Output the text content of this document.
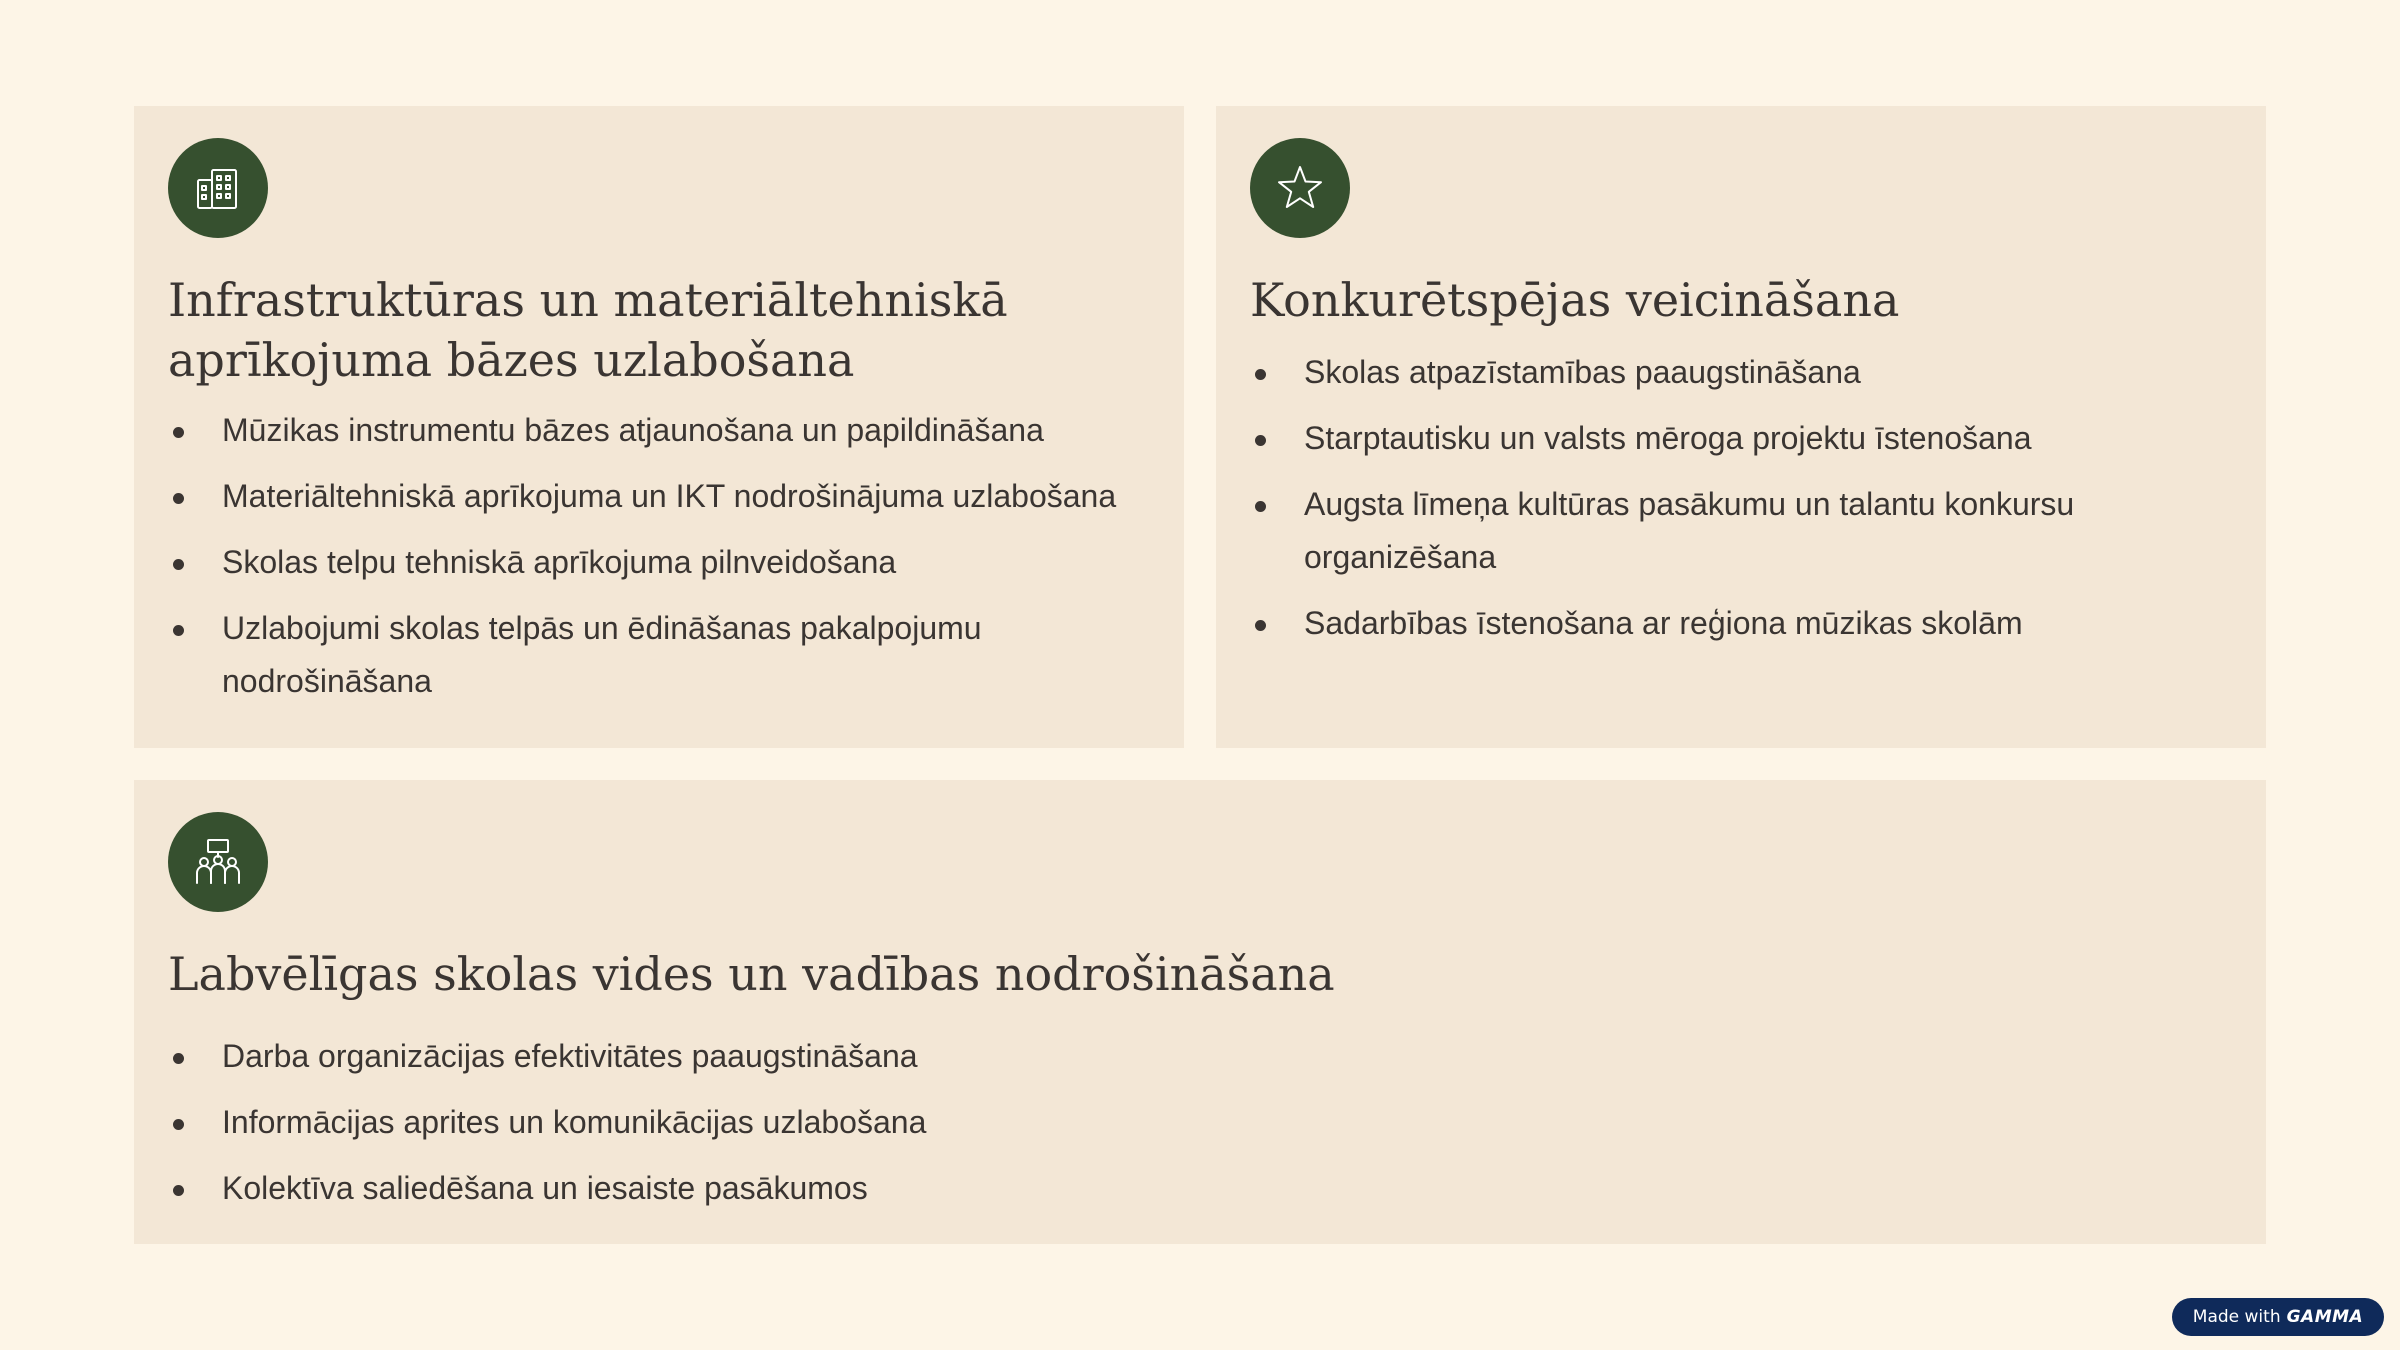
Infrastruktūras un materiāltehniskā aprīkojuma bāzes uzlabošana
Mūzikas instrumentu bāzes atjaunošana un papildināšana
Materiāltehniskā aprīkojuma un IKT nodrošinājuma uzlabošana
Skolas telpu tehniskā aprīkojuma pilnveidošana
Uzlabojumi skolas telpās un ēdināšanas pakalpojumu nodrošināšana
Konkurētspējas veicināšana
Skolas atpazīstamības paaugstināšana
Starptautisku un valsts mēroga projektu īstenošana
Augsta līmeņa kultūras pasākumu un talantu konkursu organizēšana
Sadarbības īstenošana ar reģiona mūzikas skolām
Labvēlīgas skolas vides un vadības nodrošināšana
Darba organizācijas efektivitātes paaugstināšana
Informācijas aprites un komunikācijas uzlabošana
Kolektīva saliedēšana un iesaiste pasākumos
Made with GAMMA
